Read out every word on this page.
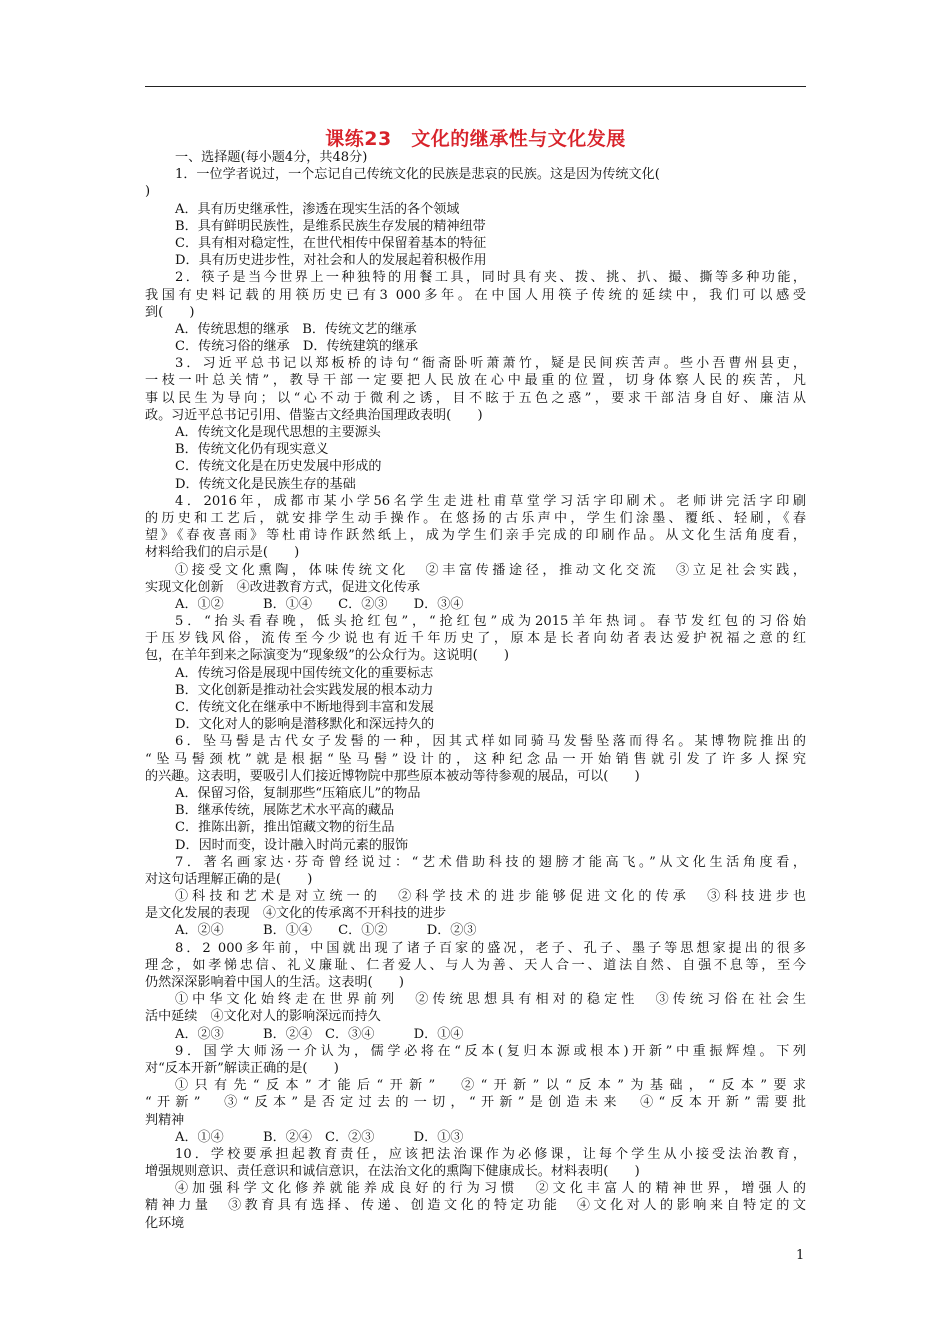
课练23　文化的继承性与文化发展
一、选择题(每小题4分，共48分)
1．一位学者说过，一个忘记自己传统文化的民族是悲哀的民族。这是因为传统文化(
)
A．具有历史继承性，渗透在现实生活的各个领域
B．具有鲜明民族性，是维系民族生存发展的精神纽带
C．具有相对稳定性，在世代相传中保留着基本的特征
D．具有历史进步性，对社会和人的发展起着积极作用
2．筷子是当今世界上一种独特的用餐工具，同时具有夹、拨、挑、扒、撮、撕等多种功能，
我国有史料记载的用筷历史已有3 000多年。在中国人用筷子传统的延续中，我们可以感受
到(　　)
A．传统思想的继承　B．传统文艺的继承
C．传统习俗的继承　D．传统建筑的继承
3．习近平总书记以郑板桥的诗句“衙斋卧听萧萧竹，疑是民间疾苦声。些小吾曹州县吏，
一枝一叶总关情”，教导干部一定要把人民放在心中最重的位置，切身体察人民的疾苦，凡
事以民生为导向；以“心不动于微利之诱，目不眩于五色之惑”，要求干部洁身自好、廉洁从
政。习近平总书记引用、借鉴古文经典治国理政表明(　　)
A．传统文化是现代思想的主要源头
B．传统文化仍有现实意义
C．传统文化是在历史发展中形成的
D．传统文化是民族生存的基础
4．2016年，成都市某小学56名学生走进杜甫草堂学习活字印刷术。老师讲完活字印刷
的历史和工艺后，就安排学生动手操作。在悠扬的古乐声中，学生们涂墨、覆纸、轻刷，《春
望》《春夜喜雨》等杜甫诗作跃然纸上，成为学生们亲手完成的印刷作品。从文化生活角度看，
材料给我们的启示是(　　)
①接受文化熏陶，体味传统文化　②丰富传播途径，推动文化交流　③立足社会实践，
实现文化创新　④改进教育方式，促进文化传承
A．①②　　　B．①④　　C．②③　　D．③④
5．“抬头看春晚，低头抢红包”，“抢红包”成为2015羊年热词。春节发红包的习俗始
于压岁钱风俗，流传至今少说也有近千年历史了，原本是长者向幼者表达爱护祝福之意的红
包，在羊年到来之际演变为“现象级”的公众行为。这说明(　　)
A．传统习俗是展现中国传统文化的重要标志
B．文化创新是推动社会实践发展的根本动力
C．传统文化在继承中不断地得到丰富和发展
D．文化对人的影响是潜移默化和深远持久的
6．坠马髻是古代女子发髻的一种，因其式样如同骑马发髻坠落而得名。某博物院推出的
“坠马髻颈枕”就是根据“坠马髻”设计的，这种纪念品一开始销售就引发了许多人探究
的兴趣。这表明，要吸引人们接近博物院中那些原本被动等待参观的展品，可以(　　)
A．保留习俗，复制那些“压箱底儿”的物品
B．继承传统，展陈艺术水平高的藏品
C．推陈出新，推出馆藏文物的衍生品
D．因时而变，设计融入时尚元素的服饰
7．著名画家达·芬奇曾经说过：“艺术借助科技的翅膀才能高飞。”从文化生活角度看，
对这句话理解正确的是(　　)
①科技和艺术是对立统一的　②科学技术的进步能够促进文化的传承　③科技进步也
是文化发展的表现　④文化的传承离不开科技的进步
A．②④　　　B．①④　　C．①②　　　D．②③
8．2 000多年前，中国就出现了诸子百家的盛况，老子、孔子、墨子等思想家提出的很多
理念，如孝悌忠信、礼义廉耻、仁者爱人、与人为善、天人合一、道法自然、自强不息等，至今
仍然深深影响着中国人的生活。这表明(　　)
①中华文化始终走在世界前列　②传统思想具有相对的稳定性　③传统习俗在社会生
活中延续　④文化对人的影响深远而持久
A．②③　　　B．②④　C．③④　　　D．①④
9．国学大师汤一介认为，儒学必将在“反本(复归本源或根本)开新”中重振辉煌。下列
对“反本开新”解读正确的是(　　)
①只有先“反本”才能后“开新”　②“开新”以“反本”为基础，“反本”要求
“开新”　③“反本”是否定过去的一切，“开新”是创造未来　④“反本开新”需要批
判精神
A．①④　　　B．②④　C．②③　　　D．①③
10．学校要承担起教育责任，应该把法治课作为必修课，让每个学生从小接受法治教育，
增强规则意识、责任意识和诚信意识，在法治文化的熏陶下健康成长。材料表明(　　)
④加强科学文化修养就能养成良好的行为习惯　②文化丰富人的精神世界，增强人的
精神力量　③教育具有选择、传递、创造文化的特定功能　④文化对人的影响来自特定的文
化环境
1
